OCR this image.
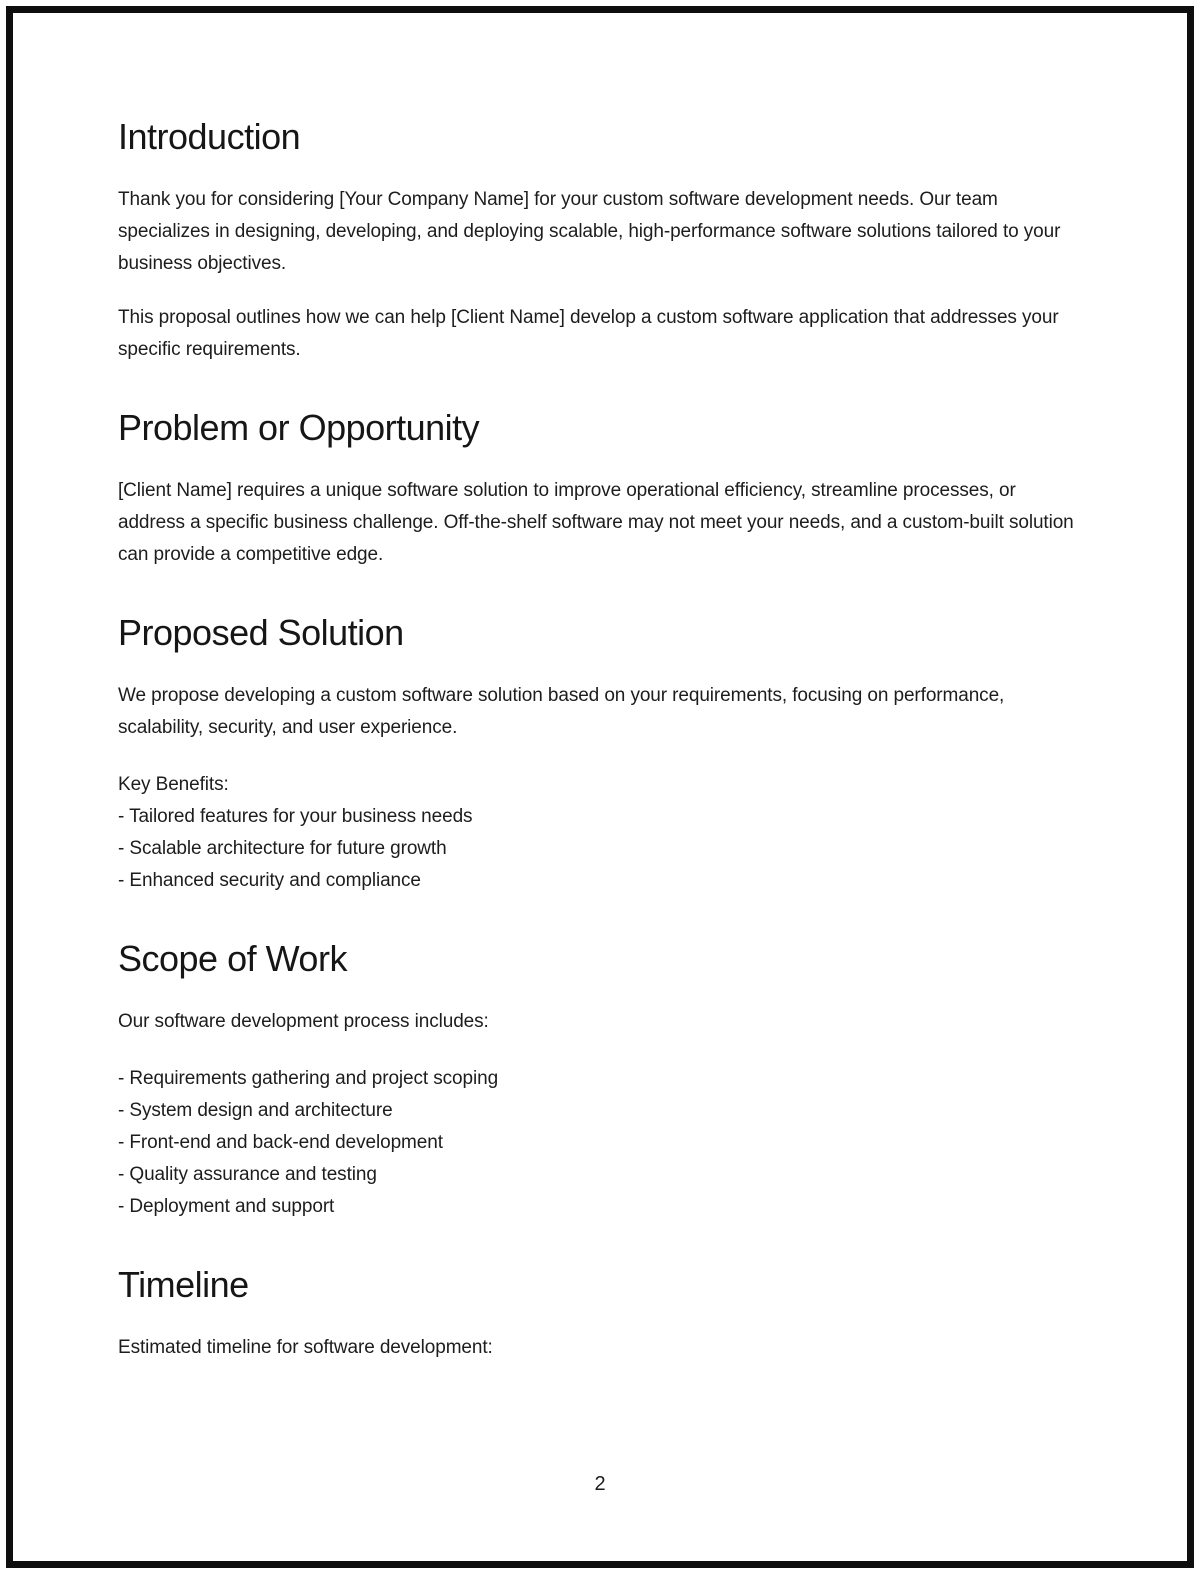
Introduction

Thank you for considering [Your Company Name] for your custom software development needs. Our team specializes in designing, developing, and deploying scalable, high-performance software solutions tailored to your business objectives.

This proposal outlines how we can help [Client Name] develop a custom software application that addresses your specific requirements.

Problem or Opportunity

[Client Name] requires a unique software solution to improve operational efficiency, streamline processes, or address a specific business challenge. Off-the-shelf software may not meet your needs, and a custom-built solution can provide a competitive edge.

Proposed Solution

We propose developing a custom software solution based on your requirements, focusing on performance, scalability, security, and user experience.

Key Benefits:

- Tailored features for your business needs

- Scalable architecture for future growth

- Enhanced security and compliance

Scope of Work

Our software development process includes:

- Requirements gathering and project scoping

- System design and architecture

- Front-end and back-end development

- Quality assurance and testing

- Deployment and support

Timeline

Estimated timeline for software development:

2
